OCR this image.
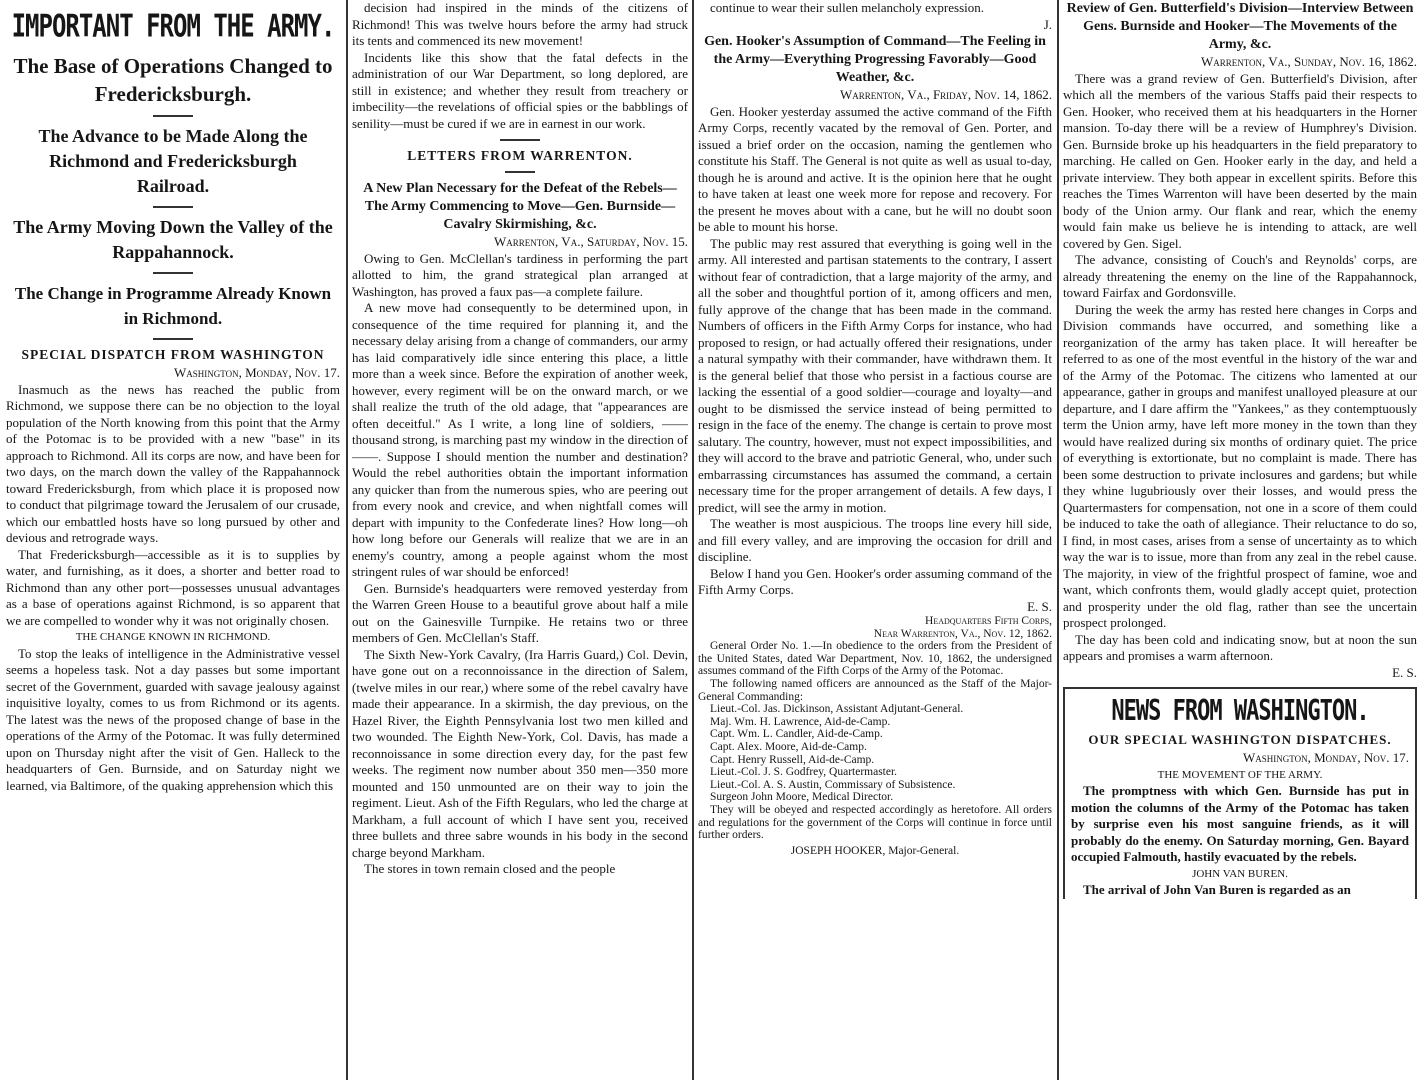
IMPORTANT FROM THE ARMY.
The Base of Operations Changed to Fredericksburgh.
The Advance to be Made Along the Richmond and Fredericksburgh Railroad.
The Army Moving Down the Valley of the Rappahannock.
The Change in Programme Already Known in Richmond.
SPECIAL DISPATCH FROM WASHINGTON

Washington, Monday, Nov. 17.

Inasmuch as the news has reached the public from Richmond, we suppose there can be no objection to the loyal population of the North knowing from this point that the Army of the Potomac is to be provided with a new "base" in its approach to Richmond. All its corps are now, and have been for two days, on the march down the valley of the Rappahannock toward Fredericksburgh, from which place it is proposed now to conduct that pilgrimage toward the Jerusalem of our crusade, which our embattled hosts have so long pursued by other and devious and retrograde ways.

That Fredericksburgh—accessible as it is to supplies by water, and furnishing, as it does, a shorter and better road to Richmond than any other port—possesses unusual advantages as a base of operations against Richmond, is so apparent that we are compelled to wonder why it was not originally chosen.

THE CHANGE KNOWN IN RICHMOND.

To stop the leaks of intelligence in the Administrative vessel seems a hopeless task. Not a day passes but some important secret of the Government, guarded with savage jealousy against inquisitive loyalty, comes to us from Richmond or its agents. The latest was the news of the proposed change of base in the operations of the Army of the Potomac. It was fully determined upon on Thursday night after the visit of Gen. Halleck to the headquarters of Gen. Burnside, and on Saturday night we learned, via Baltimore, of the quaking apprehension which this

decision had inspired in the minds of the citizens of Richmond! This was twelve hours before the army had struck its tents and commenced its new movement!

Incidents like this show that the fatal defects in the administration of our War Department, so long deplored, are still in existence; and whether they result from treachery or imbecility—the revelations of official spies or the babblings of senility—must be cured if we are in earnest in our work.

LETTERS FROM WARRENTON.

A New Plan Necessary for the Defeat of the Rebels—The Army Commencing to Move—Gen. Burnside—Cavalry Skirmishing, &c.

Warrenton, Va., Saturday, Nov. 15.

Owing to Gen. McClellan's tardiness in performing the part allotted to him, the grand strategical plan arranged at Washington, has proved a faux pas—a complete failure.

A new move had consequently to be determined upon, in consequence of the time required for planning it, and the necessary delay arising from a change of commanders, our army has laid comparatively idle since entering this place, a little more than a week since. Before the expiration of another week, however, every regiment will be on the onward march, or we shall realize the truth of the old adage, that "appearances are often deceitful." As I write, a long line of soldiers, —— thousand strong, is marching past my window in the direction of ——. Suppose I should mention the number and destination? Would the rebel authorities obtain the important information any quicker than from the numerous spies, who are peering out from every nook and crevice, and when nightfall comes will depart with impunity to the Confederate lines? How long—oh how long before our Generals will realize that we are in an enemy's country, among a people against whom the most stringent rules of war should be enforced!

Gen. Burnside's headquarters were removed yesterday from the Warren Green House to a beautiful grove about half a mile out on the Gainesville Turnpike. He retains two or three members of Gen. McClellan's Staff.

The Sixth New-York Cavalry, (Ira Harris Guard,) Col. Devin, have gone out on a reconnoissance in the direction of Salem, (twelve miles in our rear,) where some of the rebel cavalry have made their appearance. In a skirmish, the day previous, on the Hazel River, the Eighth Pennsylvania lost two men killed and two wounded. The Eighth New-York, Col. Davis, has made a reconnoissance in some direction every day, for the past few weeks. The regiment now number about 350 men—350 more mounted and 150 unmounted are on their way to join the regiment. Lieut. Ash of the Fifth Regulars, who led the charge at Markham, a full account of which I have sent you, received three bullets and three sabre wounds in his body in the second charge beyond Markham.

The stores in town remain closed and the people

continue to wear their sullen melancholy expression.

J.

Gen. Hooker's Assumption of Command—The Feeling in the Army—Everything Progressing Favorably—Good Weather, &c.

Warrenton, Va., Friday, Nov. 14, 1862.

Gen. Hooker yesterday assumed the active command of the Fifth Army Corps, recently vacated by the removal of Gen. Porter, and issued a brief order on the occasion, naming the gentlemen who constitute his Staff. The General is not quite as well as usual to-day, though he is around and active. It is the opinion here that he ought to have taken at least one week more for repose and recovery. For the present he moves about with a cane, but he will no doubt soon be able to mount his horse.

The public may rest assured that everything is going well in the army. All interested and partisan statements to the contrary, I assert without fear of contradiction, that a large majority of the army, and all the sober and thoughtful portion of it, among officers and men, fully approve of the change that has been made in the command. Numbers of officers in the Fifth Army Corps for instance, who had proposed to resign, or had actually offered their resignations, under a natural sympathy with their commander, have withdrawn them. It is the general belief that those who persist in a factious course are lacking the essential of a good soldier—courage and loyalty—and ought to be dismissed the service instead of being permitted to resign in the face of the enemy. The change is certain to prove most salutary. The country, however, must not expect impossibilities, and they will accord to the brave and patriotic General, who, under such embarrassing circumstances has assumed the command, a certain necessary time for the proper arrangement of details. A few days, I predict, will see the army in motion.

The weather is most auspicious. The troops line every hill side, and fill every valley, and are improving the occasion for drill and discipline.

Below I hand you Gen. Hooker's order assuming command of the Fifth Army Corps.

E. S.

Headquarters Fifth Corps,

Near Warrenton, Va., Nov. 12, 1862.

General Order No. 1.—In obedience to the orders from the President of the United States, dated War Department, Nov. 10, 1862, the undersigned assumes command of the Fifth Corps of the Army of the Potomac.

The following named officers are announced as the Staff of the Major-General Commanding:

Lieut.-Col. Jas. Dickinson, Assistant Adjutant-General.

Maj. Wm. H. Lawrence, Aid-de-Camp.

Capt. Wm. L. Candler, Aid-de-Camp.

Capt. Alex. Moore, Aid-de-Camp.

Capt. Henry Russell, Aid-de-Camp.

Lieut.-Col. J. S. Godfrey, Quartermaster.

Lieut.-Col. A. S. Austin, Commissary of Subsistence.

Surgeon John Moore, Medical Director.

They will be obeyed and respected accordingly as heretofore. All orders and regulations for the government of the Corps will continue in force until further orders.

JOSEPH HOOKER, Major-General.

Review of Gen. Butterfield's Division—Interview Between Gens. Burnside and Hooker—The Movements of the Army, &c.

Warrenton, Va., Sunday, Nov. 16, 1862.

There was a grand review of Gen. Butterfield's Division, after which all the members of the various Staffs paid their respects to Gen. Hooker, who received them at his headquarters in the Horner mansion. To-day there will be a review of Humphrey's Division. Gen. Burnside broke up his headquarters in the field preparatory to marching. He called on Gen. Hooker early in the day, and held a private interview. They both appear in excellent spirits. Before this reaches the Times Warrenton will have been deserted by the main body of the Union army. Our flank and rear, which the enemy would fain make us believe he is intending to attack, are well covered by Gen. Sigel.

The advance, consisting of Couch's and Reynolds' corps, are already threatening the enemy on the line of the Rappahannock, toward Fairfax and Gordonsville.

During the week the army has rested here changes in Corps and Division commands have occurred, and something like a reorganization of the army has taken place. It will hereafter be referred to as one of the most eventful in the history of the war and of the Army of the Potomac. The citizens who lamented at our appearance, gather in groups and manifest unalloyed pleasure at our departure, and I dare affirm the "Yankees," as they contemptuously term the Union army, have left more money in the town than they would have realized during six months of ordinary quiet. The price of everything is extortionate, but no complaint is made. There has been some destruction to private inclosures and gardens; but while they whine lugubriously over their losses, and would press the Quartermasters for compensation, not one in a score of them could be induced to take the oath of allegiance. Their reluctance to do so, I find, in most cases, arises from a sense of uncertainty as to which way the war is to issue, more than from any zeal in the rebel cause. The majority, in view of the frightful prospect of famine, woe and want, which confronts them, would gladly accept quiet, protection and prosperity under the old flag, rather than see the uncertain prospect prolonged.

The day has been cold and indicating snow, but at noon the sun appears and promises a warm afternoon.

E. S.

NEWS FROM WASHINGTON.
OUR SPECIAL WASHINGTON DISPATCHES.

Washington, Monday, Nov. 17.

THE MOVEMENT OF THE ARMY.

The promptness with which Gen. Burnside has put in motion the columns of the Army of the Potomac has taken by surprise even his most sanguine friends, as it will probably do the enemy. On Saturday morning, Gen. Bayard occupied Falmouth, hastily evacuated by the rebels.

JOHN VAN BUREN.

The arrival of John Van Buren is regarded as an
